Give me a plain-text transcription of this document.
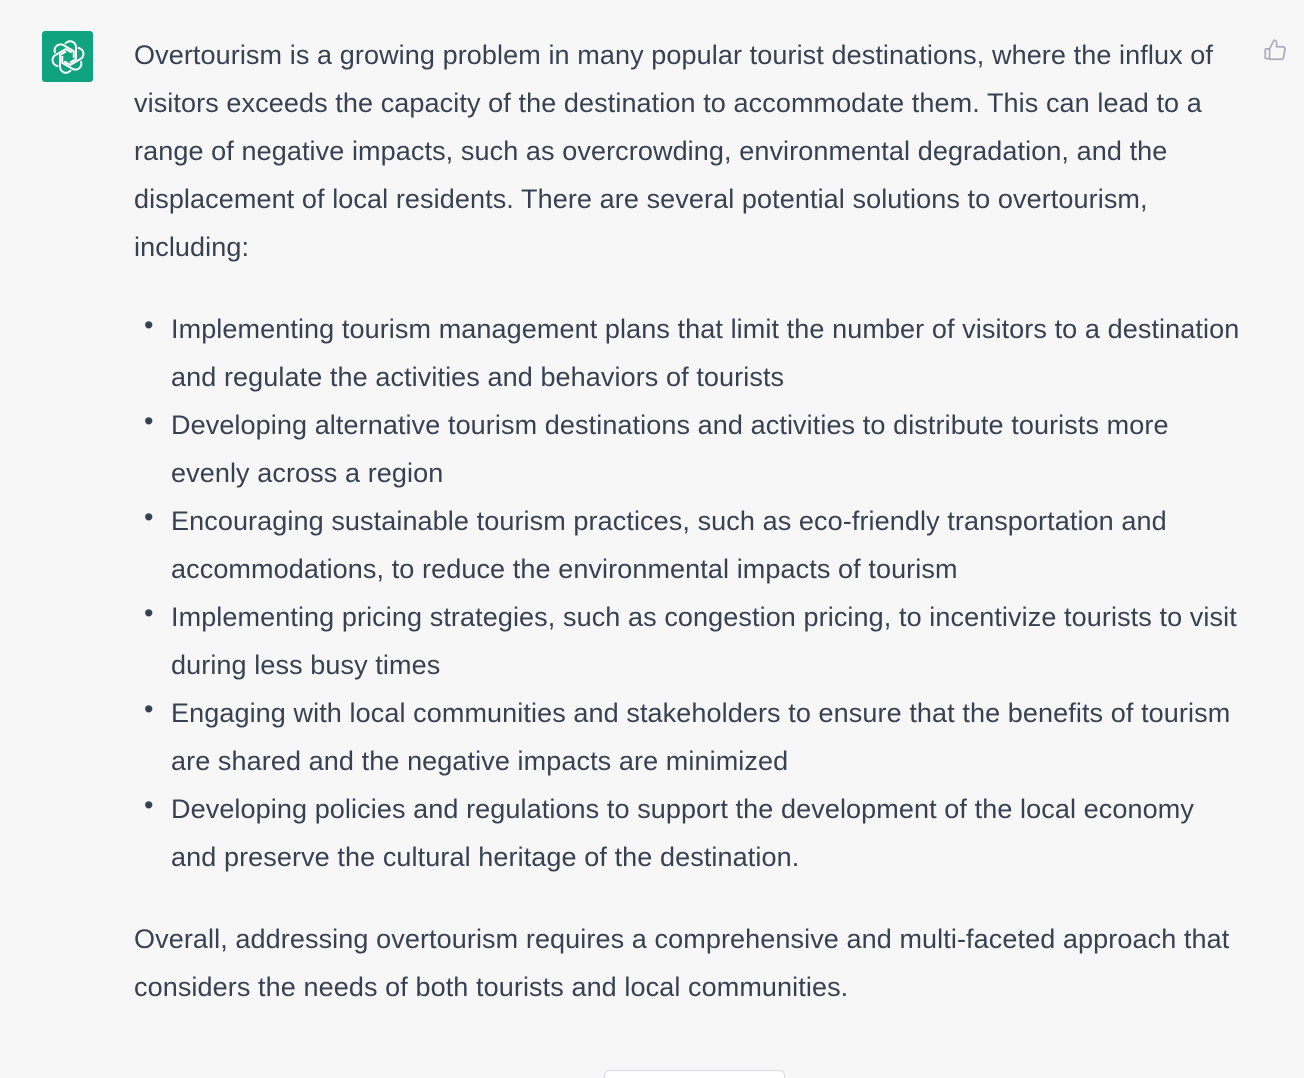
Overtourism is a growing problem in many popular tourist destinations, where the influx of visitors exceeds the capacity of the destination to accommodate them. This can lead to a range of negative impacts, such as overcrowding, environmental degradation, and the displacement of local residents. There are several potential solutions to overtourism, including:

• Implementing tourism management plans that limit the number of visitors to a destination and regulate the activities and behaviors of tourists
• Developing alternative tourism destinations and activities to distribute tourists more evenly across a region
• Encouraging sustainable tourism practices, such as eco-friendly transportation and accommodations, to reduce the environmental impacts of tourism
• Implementing pricing strategies, such as congestion pricing, to incentivize tourists to visit during less busy times
• Engaging with local communities and stakeholders to ensure that the benefits of tourism are shared and the negative impacts are minimized
• Developing policies and regulations to support the development of the local economy and preserve the cultural heritage of the destination.

Overall, addressing overtourism requires a comprehensive and multi-faceted approach that considers the needs of both tourists and local communities.
